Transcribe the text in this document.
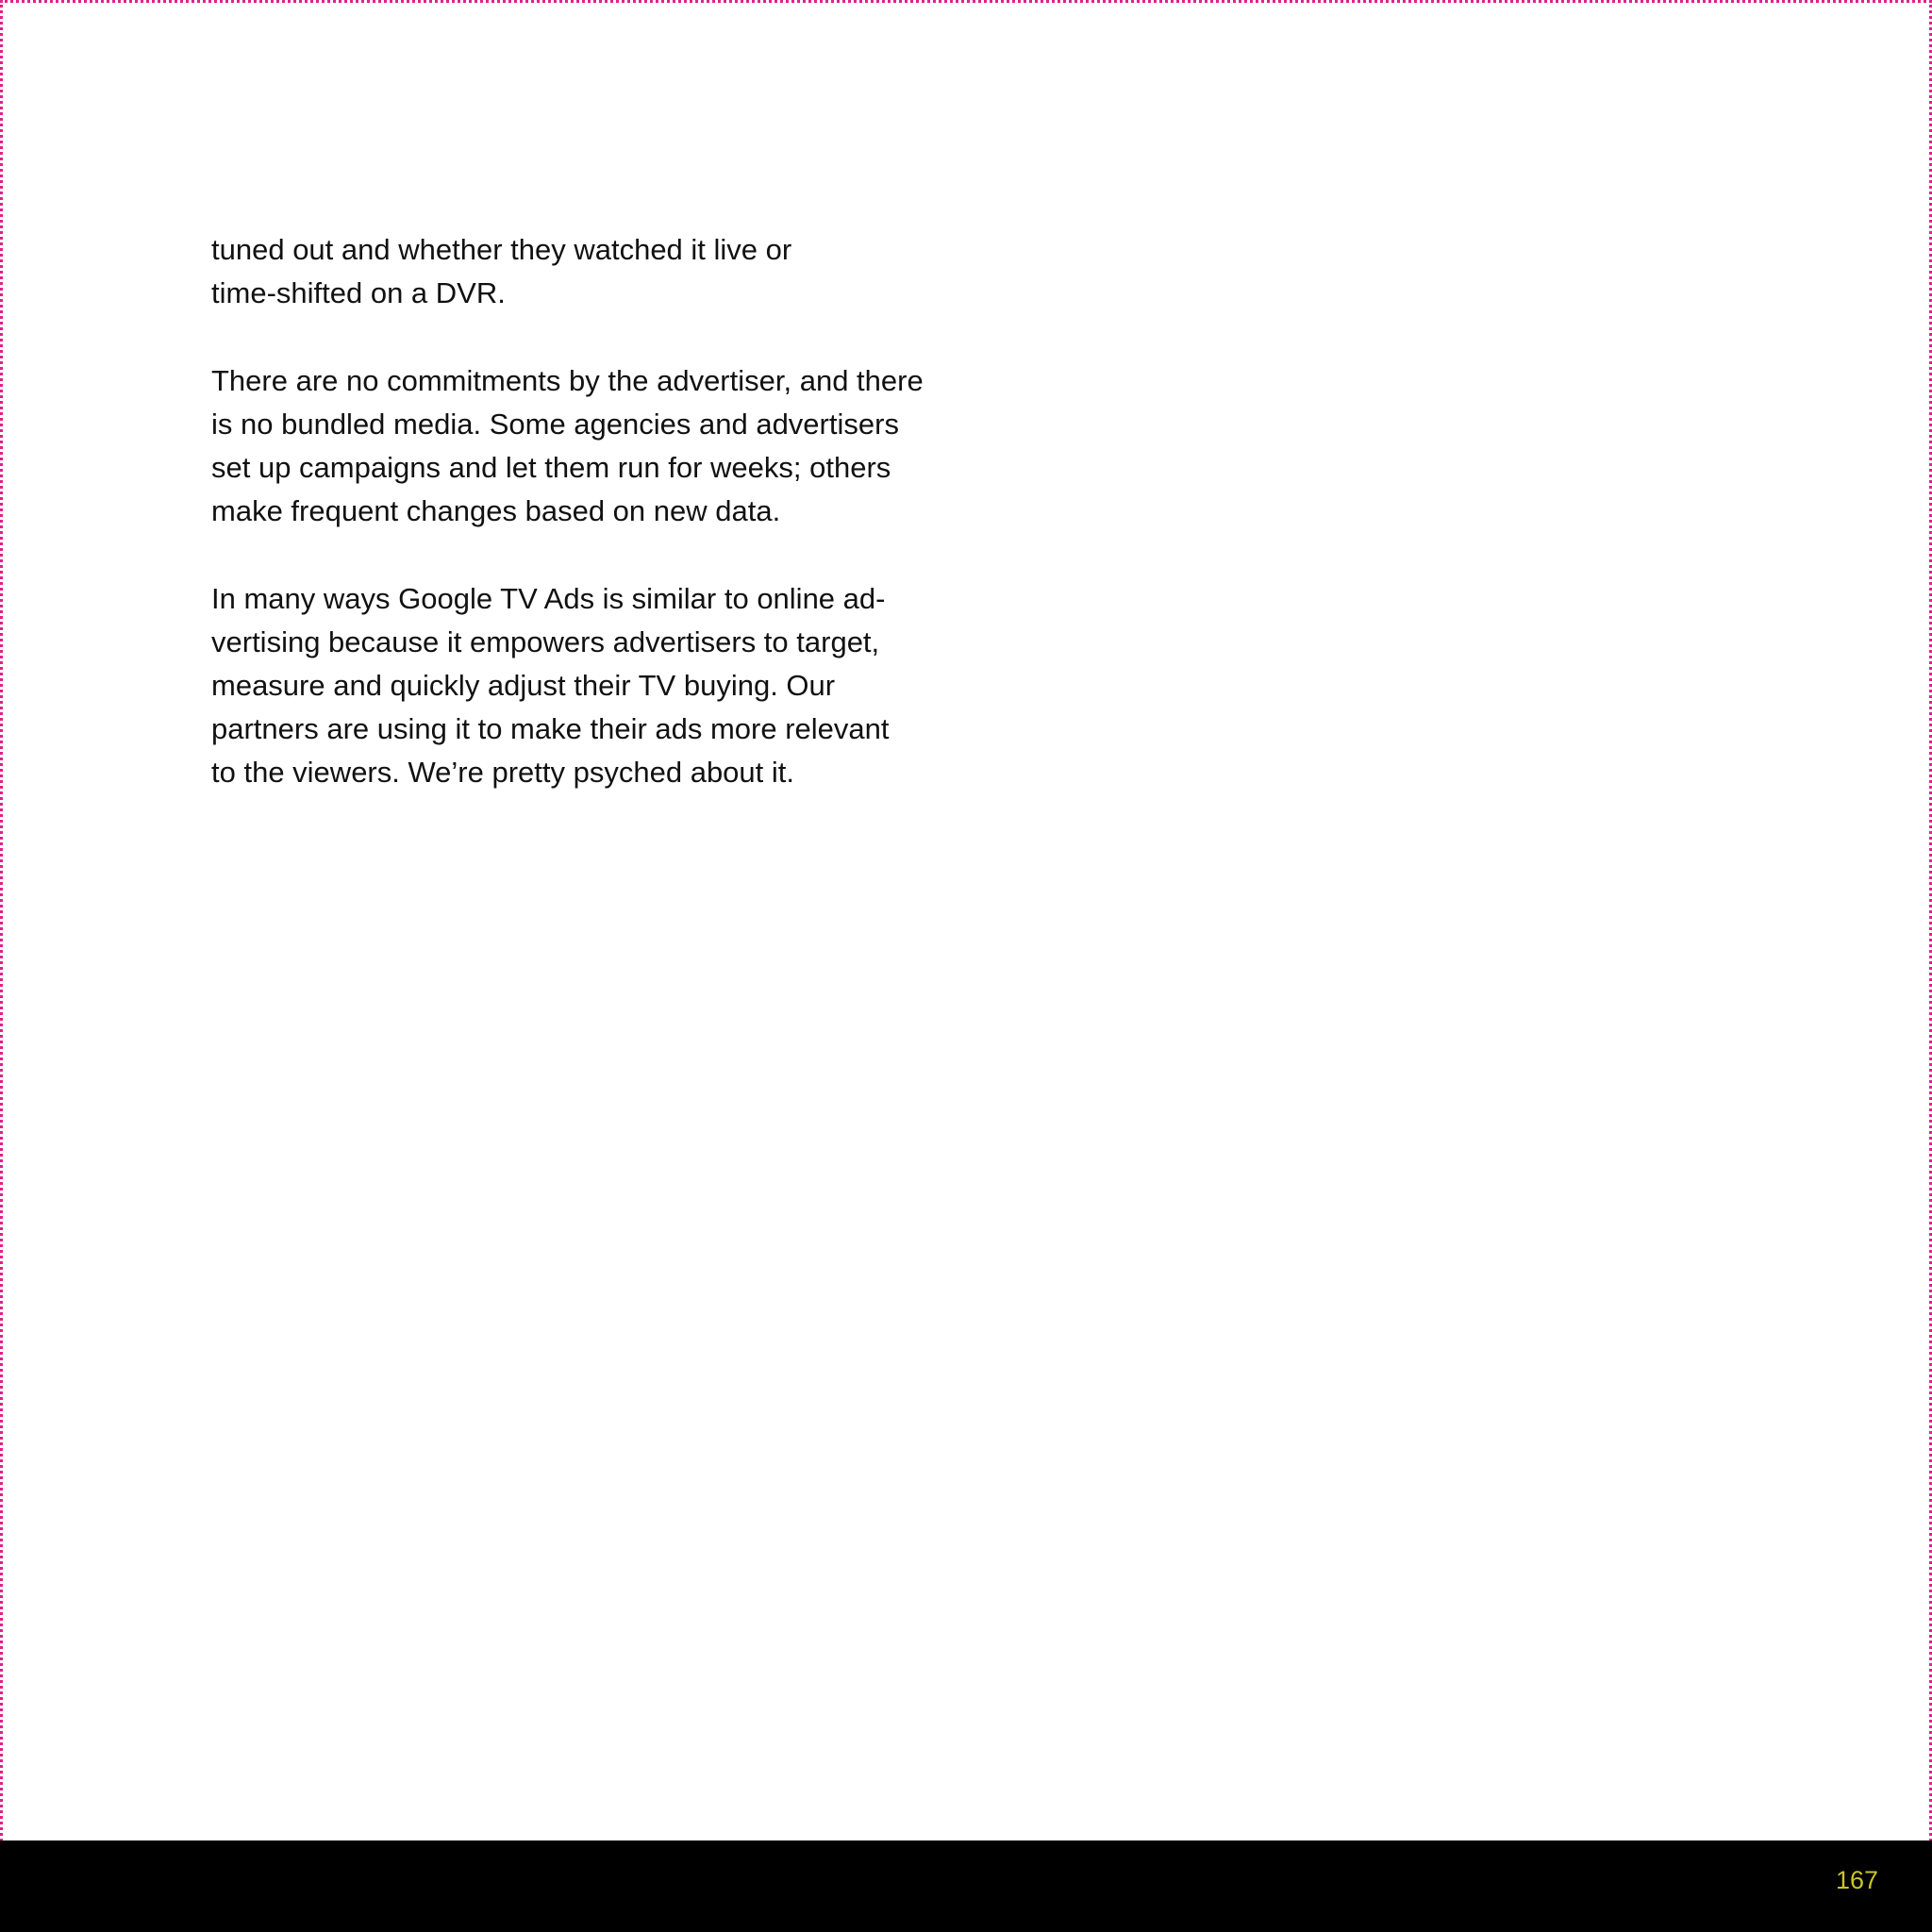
tuned out and whether they watched it live or
time-shifted on a DVR.

There are no commitments by the advertiser, and there
is no bundled media. Some agencies and advertisers
set up campaigns and let them run for weeks; others
make frequent changes based on new data.

In many ways Google TV Ads is similar to online ad-
vertising because it empowers advertisers to target,
measure and quickly adjust their TV buying. Our
partners are using it to make their ads more relevant
to the viewers. We’re pretty psyched about it.

167
